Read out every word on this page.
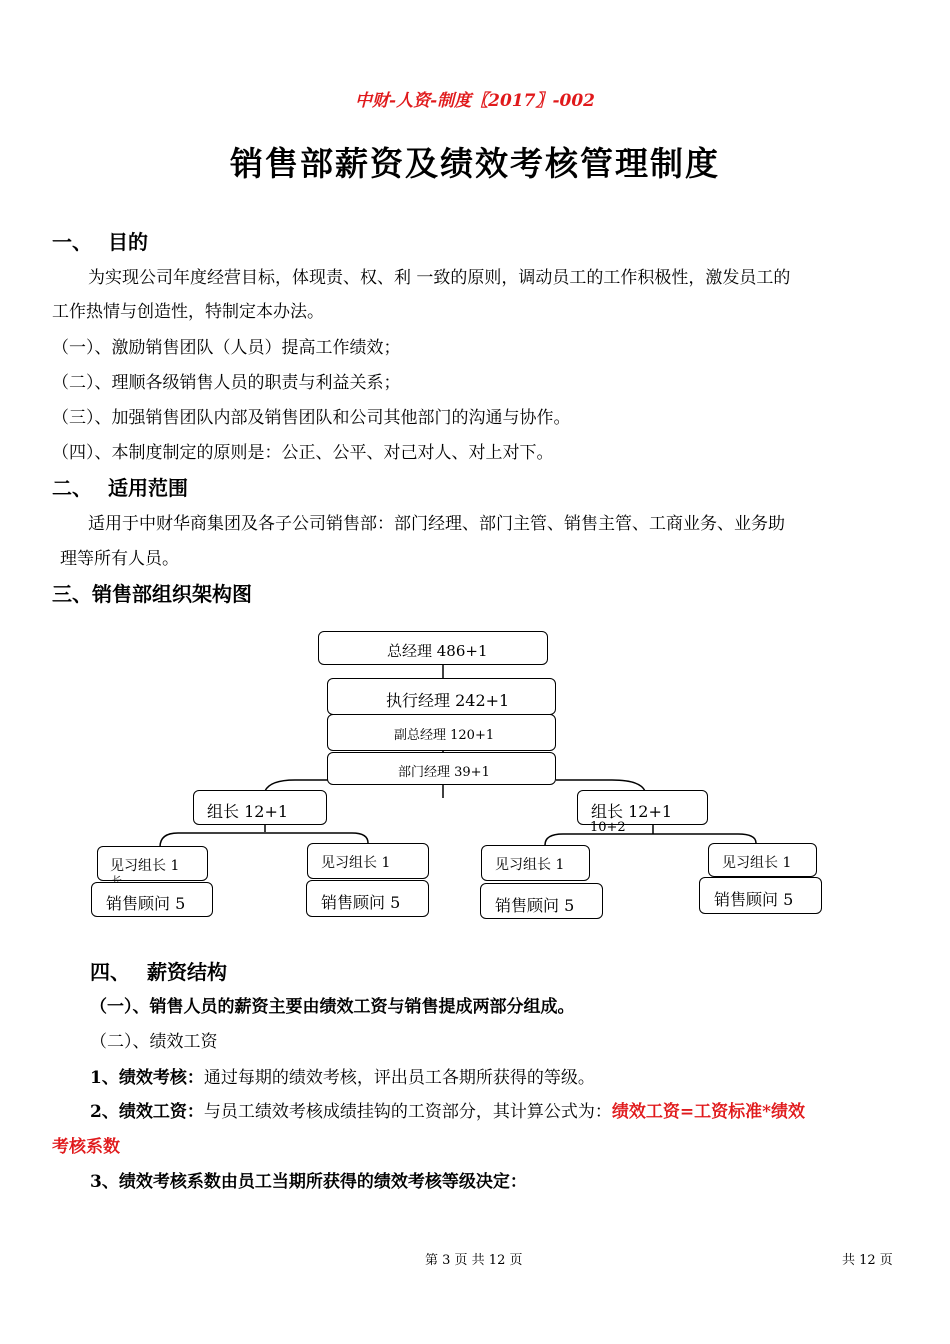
中财-人资-制度〖2017〗-002
销售部薪资及绩效考核管理制度
一、 目的
为实现公司年度经营目标，体现责、权、利 一致的原则，调动员工的工作积极性，激发员工的
工作热情与创造性，特制定本办法。
（一）、激励销售团队（人员）提高工作绩效；
（二）、理顺各级销售人员的职责与利益关系；
（三）、加强销售团队内部及销售团队和公司其他部门的沟通与协作。
（四）、本制度制定的原则是：公正、公平、对己对人、对上对下。
二、 适用范围
适用于中财华商集团及各子公司销售部：部门经理、部门主管、销售主管、工商业务、业务助
理等所有人员。
三、销售部组织架构图
总经理 486+1
执行经理 242+1
副总经理 120+1
部门经理 39+1
组长 12+1	组长 12+1
10+2
见习组长 1	见习组长 1	见习组长 1	见习组长 1
销售顾问 5	销售顾问 5	销售顾问 5	销售顾问 5
四、 薪资结构
（一）、销售人员的薪资主要由绩效工资与销售提成两部分组成。
（二）、绩效工资
1、绩效考核：通过每期的绩效考核，评出员工各期所获得的等级。
2、绩效工资：与员工绩效考核成绩挂钩的工资部分，其计算公式为：绩效工资=工资标准*绩效
考核系数
3、绩效考核系数由员工当期所获得的绩效考核等级决定：
第 3 页 共 12 页	共 12 页
